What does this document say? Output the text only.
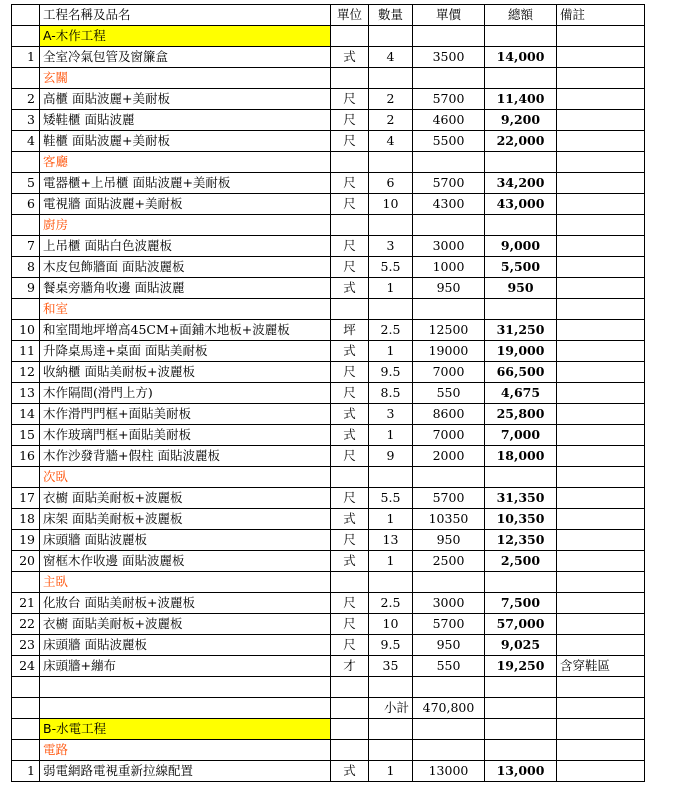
	工程名稱及品名	單位	數量	單價	總額	備註
	A-木作工程					
1	全室冷氣包管及窗簾盒	式	4	3500	14,000	
	玄關					
2	高櫃 面貼波麗+美耐板	尺	2	5700	11,400	
3	矮鞋櫃 面貼波麗	尺	2	4600	9,200	
4	鞋櫃 面貼波麗+美耐板	尺	4	5500	22,000	
	客廳					
5	電器櫃+上吊櫃 面貼波麗+美耐板	尺	6	5700	34,200	
6	電視牆 面貼波麗+美耐板	尺	10	4300	43,000	
	廚房					
7	上吊櫃 面貼白色波麗板	尺	3	3000	9,000	
8	木皮包飾牆面 面貼波麗板	尺	5.5	1000	5,500	
9	餐桌旁牆角收邊 面貼波麗	式	1	950	950	
	和室					
10	和室間地坪增高45CM+面鋪木地板+波麗板	坪	2.5	12500	31,250	
11	升降桌馬達+桌面 面貼美耐板	式	1	19000	19,000	
12	收納櫃 面貼美耐板+波麗板	尺	9.5	7000	66,500	
13	木作隔間(滑門上方)	尺	8.5	550	4,675	
14	木作滑門門框+面貼美耐板	式	3	8600	25,800	
15	木作玻璃門框+面貼美耐板	式	1	7000	7,000	
16	木作沙發背牆+假柱 面貼波麗板	尺	9	2000	18,000	
	次臥					
17	衣櫥 面貼美耐板+波麗板	尺	5.5	5700	31,350	
18	床架 面貼美耐板+波麗板	式	1	10350	10,350	
19	床頭牆 面貼波麗板	尺	13	950	12,350	
20	窗框木作收邊 面貼波麗板	式	1	2500	2,500	
	主臥					
21	化妝台 面貼美耐板+波麗板	尺	2.5	3000	7,500	
22	衣櫥 面貼美耐板+波麗板	尺	10	5700	57,000	
23	床頭牆 面貼波麗板	尺	9.5	950	9,025	
24	床頭牆+繃布	才	35	550	19,250	含穿鞋區

			小計	470,800		
	B-水電工程					
	電路					
1	弱電網路電視重新拉線配置	式	1	13000	13,000	
